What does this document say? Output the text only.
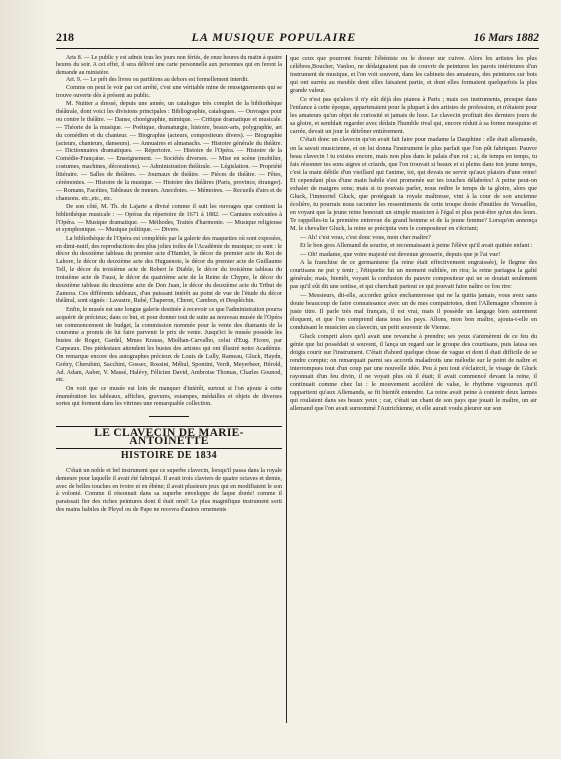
218	LA MUSIQUE POPULAIRE	16 Mars 1882

Arts 8. — Le public y est admis tous les jours non fériés, de onze heures du matin à quatre heures du soir. A cet effet, il sera délivré une carte personnelle aux personnes qui en feront la demande au ministère.

Art. 9. — Le prêt des livres ou partitions au dehors est formellement interdit.

Comme on peut le voir par cet arrêté, c'est une véritable mine de renseignements qui se trouve ouverte dès à présent au public.

M. Nuitter a dressé, depuis une année, un catalogue très complet de la bibliothèque théâtrale, dont voici les divisions principales : Bibliographie, catalogues. — Ouvrages pour ou contre le théâtre. — Danse, chorégraphie, mimique. — Critique dramatique et musicale. — Théorie de la musique. — Poétique, dramaturgie, histoire, beaux-arts, polygraphie, art du comédien et du chanteur. — Biographie (acteurs, compositeurs divers). — Biographie (acteurs, chanteurs, danseurs). — Annuaires et almanachs. — Histoire générale du théâtre. — Dictionnaires dramatiques. — Répertoire. — Histoire de l'Opéra. — Histoire de la Comédie-Française. — Enseignement. — Sociétés diverses. — Mise en scène (mobilier, costumes, machines, décorations). — Administration théâtrale. — Législation. — Propriété littéraire. — Salles de théâtres. — Journaux de théâtre. — Pièces de théâtre. — Fêtes, cérémonies. — Histoire de la musique. — Histoire des théâtres (Paris, province, étranger). — Romans, Facéties, Tableaux de mœurs. Anecdotes. — Mémoires. — Recueils d'airs et de chansons. etc.,etc., etc.

De son côté, M. Th. de Lajarte a divisé comme il suit les ouvrages que contient la bibliothèque musicale : — Opéras du répertoire de 1671 à 1882. — Cantates exécutées à l'Opéra. — Musique dramatique. — Méthodes, Traités d'harmonie. — Musique religieuse et symphonique. — Musique politique. — Divers.

La bibliothèque de l'Opéra est complétée par la galerie des maquettes où sont exposées, en dimi-nutif, des reproductions des plus jolies toiles de l'Académie de musique; ce sont : le décor du deuxième tableau du premier acte d'Hamlet, le décor du premier acte du Roi de Lahore, le décor du deuxième acte des Huguenots, le décor du premier acte de Guillaume Tell, le décor du troisième acte de Robert le Diable, le décor du troisième tableau du troisième acte de Faust, le décor du quatrième acte de la Reine de Chypre, le décor du deuxième tableau du deuxième acte de Don Juan, le décor du deuxième acte du Tribut de Zamora. Ces différents tableaux, d'un puissant intérêt au point de vue de l'étude du décor théâtral, sont signés : Lavastre, Rubé, Chaperon, Cheret, Cambon, et Despléchin.

Enfin, le musée est une longue galerie destinée à recevoir ce que l'administration pourra acquérir de précieux; dans ce but, et pour donner tout de suite au nouveau musée de l'Opéra un commencement de budget, la commission nommée pour la vente des diamants de la couronne a promis de lui faire parvenir le prix de vente. Jusqu'ici le musée possède les bustes de Roger, Gardel, Mmes Krauss, Miolhan-Carvalho, celui d'Eug. Ficore, par Carpeaux. Des piédestaux attendent les bustes des artistes qui ont illustré notre Académie. On remarque encore des autographes précieux de Louis de Lully, Rameau, Gluck, Haydn, Grétry, Cherubini, Sacchini, Gossec, Rossini, Méhul, Spontini, Verdi, Meyerbeer, Hérold, Ad. Adam, Auber, V. Massé, Halévy, Félicien David, Ambroise Thomas, Charles Gounod, etc.

On voit que ce musée est loin de manquer d'intérêt, surtout si l'on ajoute à cette énumération les tableaux, affiches, gravures, estampes, médailles et objets de diverses sortes qui forment dans les vitrines une remarquable collection.

LE CLAVECIN DE MARIE-ANTOINETTE
HISTOIRE DE 1834

C'était un noble et bel instrument que ce superbe clavecin, lorsqu'il passa dans la royale demeure pour laquelle il avait été fabriqué. Il avait trois claviers de quatre octaves et demie, avec de belles touches en ivoire et en ébène; il avait plusieurs jeux qui en modifiaient le son à volonté. Comme il résonnait dans sa superbe enveloppe de laque dorée! comme il paraissait fier des riches peintures dont il était orné! Le plus magnifique instrument sorti des mains habiles de Pleyel ou de Pape ne recevra d'autres ornements

que ceux que pourront fournir l'ébéniste ou le doreur sur cuivre. Alors les artistes les plus célèbres,Boucher, Vanloo, ne dédaignaient pas de couvrir de peintures les parois intérieures d'un instrument de musique, et l'on voit souvent, dans les cabinets des amateurs, des peintures sur bois qui ont surréu au meuble dont elles faisaient partie, et dont elles formaient quelquefois la plus grande valeur.

Ce n'est pas qu'alors il n'y eût déjà des pianos à Paris ; mais ces instruments, presque dans l'enfance à cette époque, appartenaient pour la plupart à des artistes de profession, et n'étaient pour les amateurs qu'un objet de curiosité et jamais de luxe. Le clavecin profitait des derniers jours de sa gloire, et semblait regarder avec dédain l'humble rival qui, encore réduit à sa forme mesquine et carrée, devait un jour le détrôner entièrement.

C'était donc un clavecin qu'on avait fait faire pour madame la Dauphine : elle était allemande, on la savait musicienne, et on lui donna l'instrument le plus parfait que l'on pût fabriquer. Pauvre beau clavecin ! tu existes encore, mais non plus dans le palais d'un roi ; si, de temps en temps, tu fais résonner tes sons aigres et criards, que l'on trouvait si beaux et si pleins dans ton jeune temps, c'est la main débile d'un vieillard qui t'anime, toi, qui devais ne servir qu'aux plaisirs d'une reine! Et cependant plus d'une main habile s'est promenée sur tes touches délabrées! A peine peut-on exhaler de maigres sons; mais si tu pouvais parler, nous redire le temps de ta gloire, alors que Gluck, l'immortel Gluck, que protégeait ta royale maîtresse, vint à la cour de son ancienne écolière, tu pourrais nous raconter les ressentiments de cette troupe dorée d'inutiles de Versailles, en voyant que la jeune reine honorait un simple musicien à l'égal et plus peut-être qu'un des leurs. Te rappelles-tu la première entrevue du grand homme et de la jeune femme? Lorsqu'on annonça M. le chevalier Gluck, la reine se précipita vers le compositeur en s'écriant;

— Ah! c'est vous, c'est donc vous, mon cher maître?

Et le bon gros Allemand de sourire, et reconnaissant à peine l'élève qu'il avait quittée enfant :

— Oh! madame, que votre majesté est devenue grosserie, depuis que je l'ai vue!

A la franchise de ce germanisme (la reine était effectivement engraissée), le flegme des courtisans ne put y tenir ; l'étiquette fut un moment oubliée, on rira; la reine partagea la gaîté générale; mais, bientôt, voyant la confusion du pauvre compositeur qui ne se doutait seulement pas qu'il eût dit une sottise, et qui cherchait partout ce qui pouvait faire naître ce fou rire:

— Messieurs, dit-elle, accordez grâce enchanteresse qui ne la quitta jamais, vous avez sans doute beaucoup de faire connaissance avec un de mes compatriotes, dont l'Allemagne s'honore à juste titre. Il parle très mal français, il est vrai, mais il possède un langage bien autrement éloquent, et que l'on comprend dans tous les pays. Allons, mon bon maître, ajouta-t-elle en conduisant le musicien au clavecin, un petit souvenir de Vienne.

Gluck comprit alors qu'il avait une revanche à prendre; ses yeux s'animèrent de ce feu du génie que lui possédait si souvent, il lança un regard sur le groupe des courtisans, puis laissa ses doigts courir sur l'instrument. C'était d'abord quelque chose de vague et dont il était difficile de se rendre compte; on remarquait parmi ses accords maladroits une mélodie sur le point de naître et interrompues tout d'un coup par une nouvelle idée. Peu à peu tout s'éclaircit, le visage de Gluck rayonnait d'un feu divin, il ne voyait plus où il était; il avait commencé devant la reine, il continuait comme chez lui : le mouvement accéléré de valse, le rhythme vigoureux qu'il rappartient qu'aux Allemands, se fit bientôt entendre. La reine avait peine à contenir deux larmes qui roulaient dans ses beaux yeux ; car, c'était un chant de son pays que jouait le maître, un air allemand que l'on avait surnommé l'Autrichienne, et elle aurait voulu pleurer sur son
